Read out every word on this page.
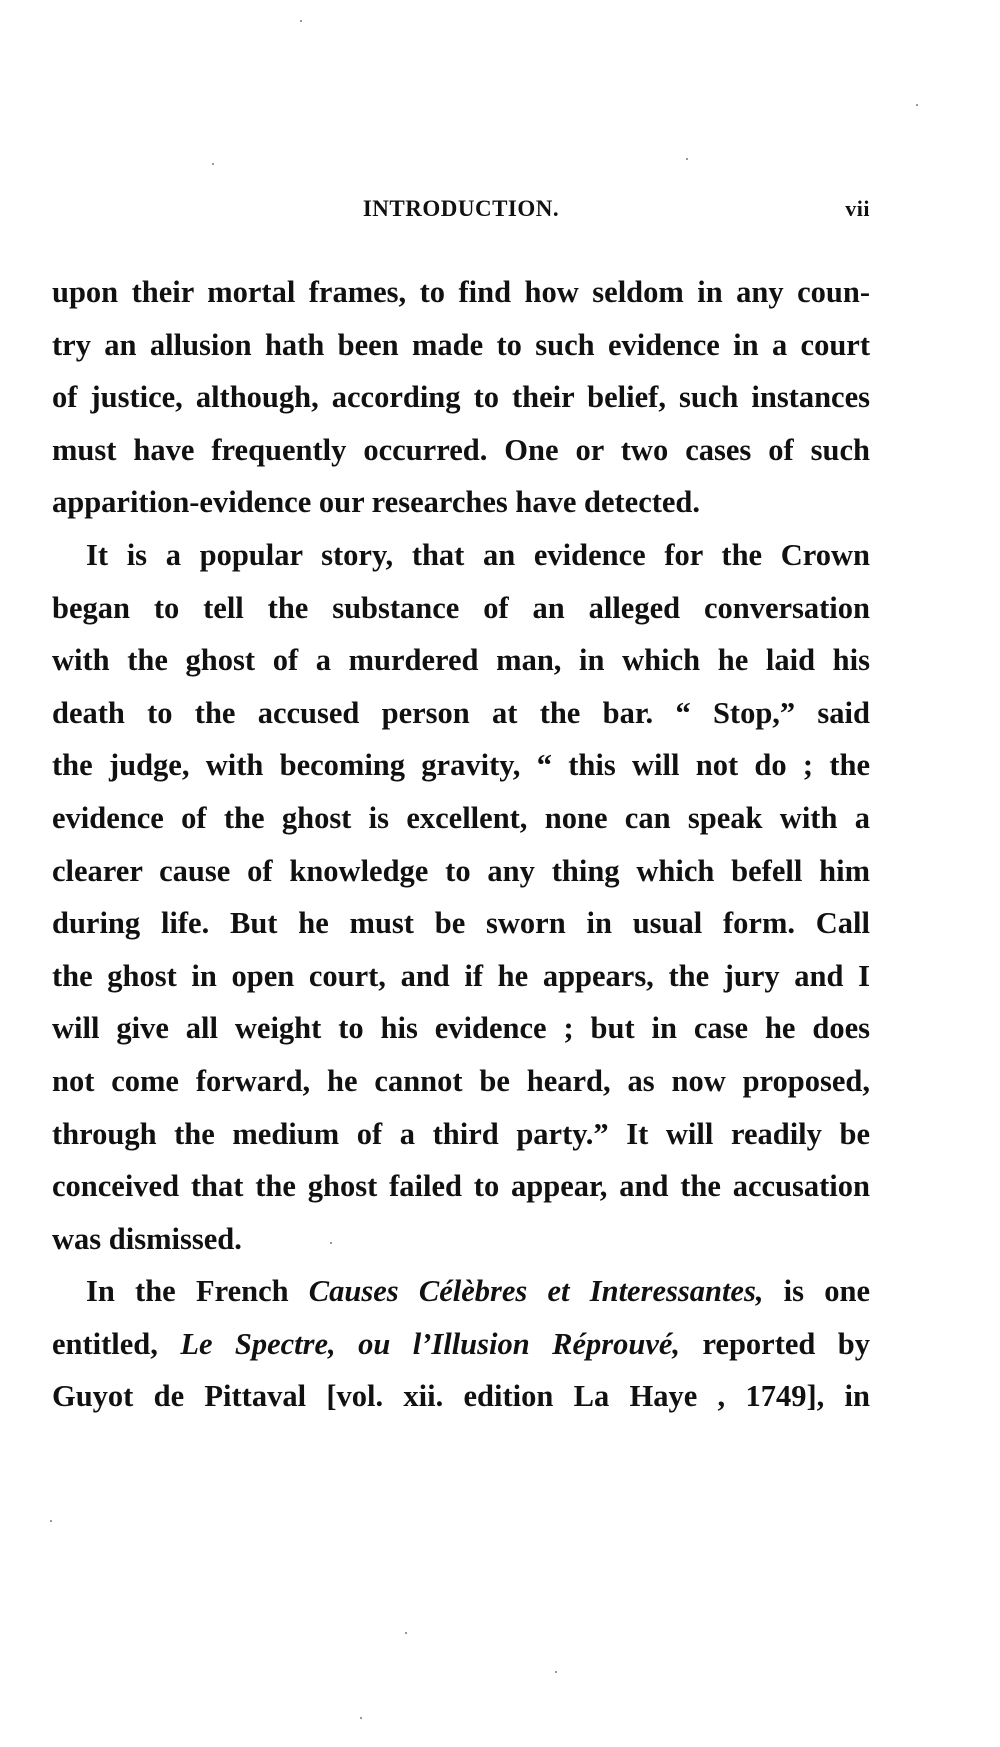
INTRODUCTION.	vii
upon their mortal frames, to find how seldom in any coun-
try an allusion hath been made to such evidence in a court
of justice, although, according to their belief, such instances
must have frequently occurred. One or two cases of such
apparition-evidence our researches have detected.
It is a popular story, that an evidence for the Crown
began to tell the substance of an alleged conversation
with the ghost of a murdered man, in which he laid his
death to the accused person at the bar. “ Stop,” said
the judge, with becoming gravity, “ this will not do ; the
evidence of the ghost is excellent, none can speak with a
clearer cause of knowledge to any thing which befell him
during life. But he must be sworn in usual form. Call
the ghost in open court, and if he appears, the jury and I
will give all weight to his evidence ; but in case he does
not come forward, he cannot be heard, as now proposed,
through the medium of a third party.” It will readily be
conceived that the ghost failed to appear, and the accusation
was dismissed.
In the French Causes Célèbres et Interessantes, is one
entitled, Le Spectre, ou l’Illusion Réprouvé, reported by
Guyot de Pittaval [vol. xii. edition La Haye , 1749], in
